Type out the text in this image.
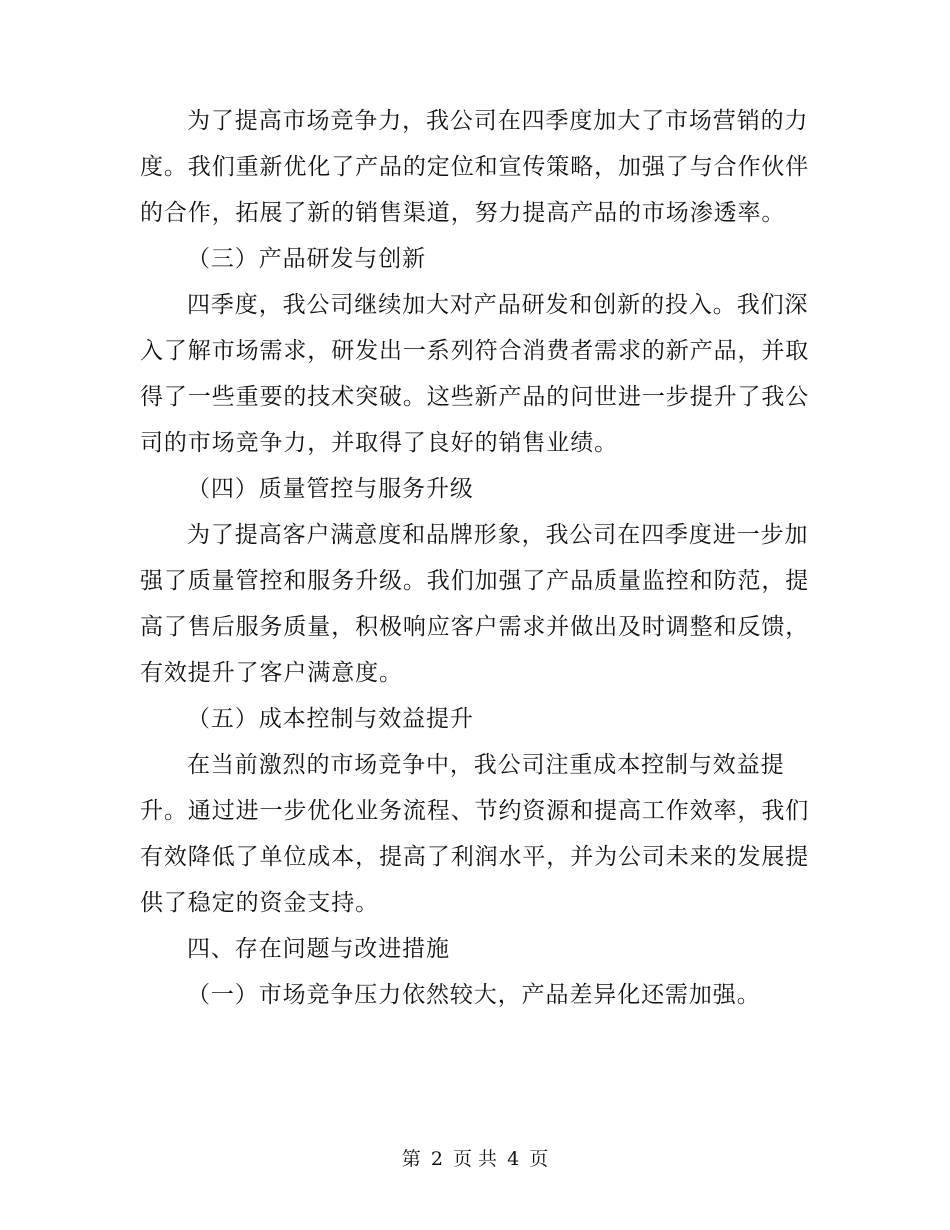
为了提高市场竞争力，我公司在四季度加大了市场营销的力
度。我们重新优化了产品的定位和宣传策略，加强了与合作伙伴
的合作，拓展了新的销售渠道，努力提高产品的市场渗透率。
（三）产品研发与创新
四季度，我公司继续加大对产品研发和创新的投入。我们深
入了解市场需求，研发出一系列符合消费者需求的新产品，并取
得了一些重要的技术突破。这些新产品的问世进一步提升了我公
司的市场竞争力，并取得了良好的销售业绩。
（四）质量管控与服务升级
为了提高客户满意度和品牌形象，我公司在四季度进一步加
强了质量管控和服务升级。我们加强了产品质量监控和防范，提
高了售后服务质量，积极响应客户需求并做出及时调整和反馈，
有效提升了客户满意度。
（五）成本控制与效益提升
在当前激烈的市场竞争中，我公司注重成本控制与效益提
升。通过进一步优化业务流程、节约资源和提高工作效率，我们
有效降低了单位成本，提高了利润水平，并为公司未来的发展提
供了稳定的资金支持。
四、存在问题与改进措施
（一）市场竞争压力依然较大，产品差异化还需加强。
第 2 页 共 4 页
